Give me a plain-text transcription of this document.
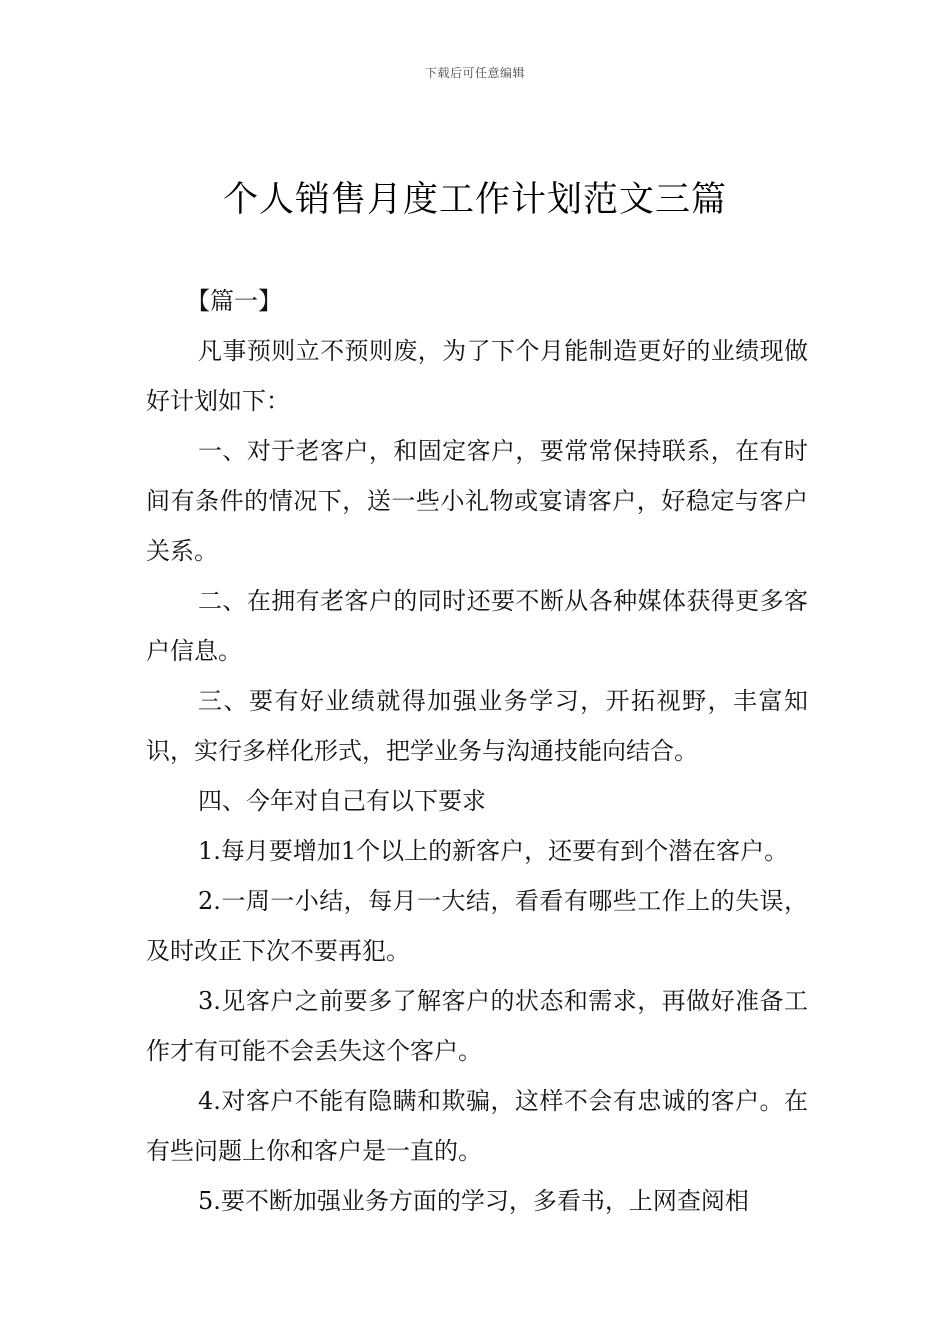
下载后可任意编辑
个人销售月度工作计划范文三篇

【篇一】

凡事预则立不预则废，为了下个月能制造更好的业绩现做好计划如下：

一、对于老客户，和固定客户，要常常保持联系，在有时间有条件的情况下，送一些小礼物或宴请客户，好稳定与客户关系。

二、在拥有老客户的同时还要不断从各种媒体获得更多客户信息。

三、要有好业绩就得加强业务学习，开拓视野，丰富知识，实行多样化形式，把学业务与沟通技能向结合。

四、今年对自己有以下要求

1.每月要增加1个以上的新客户，还要有到个潜在客户。

2.一周一小结，每月一大结，看看有哪些工作上的失误，及时改正下次不要再犯。

3.见客户之前要多了解客户的状态和需求，再做好准备工作才有可能不会丢失这个客户。

4.对客户不能有隐瞒和欺骗，这样不会有忠诚的客户。在有些问题上你和客户是一直的。

5.要不断加强业务方面的学习，多看书，上网查阅相
